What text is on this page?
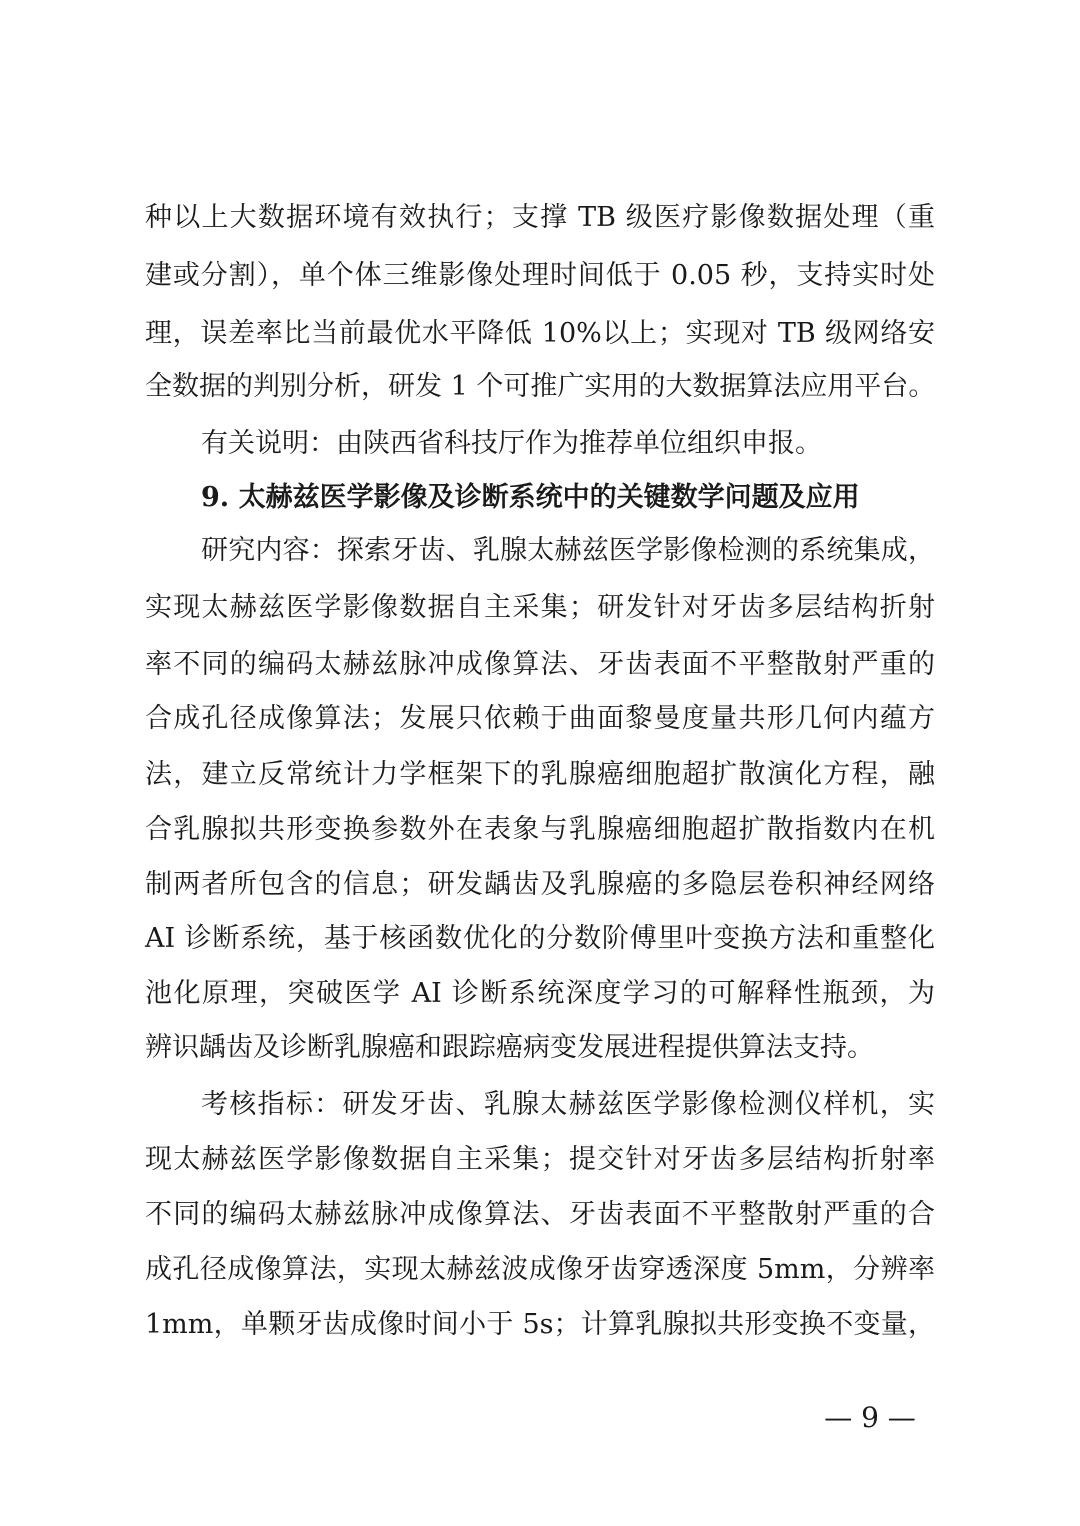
种以上大数据环境有效执行；支撑 TB 级医疗影像数据处理（重
建或分割），单个体三维影像处理时间低于 0.05 秒，支持实时处
理，误差率比当前最优水平降低 10%以上；实现对 TB 级网络安
全数据的判别分析，研发 1 个可推广实用的大数据算法应用平台。
有关说明：由陕西省科技厅作为推荐单位组织申报。
9. 太赫兹医学影像及诊断系统中的关键数学问题及应用
研究内容：探索牙齿、乳腺太赫兹医学影像检测的系统集成，
实现太赫兹医学影像数据自主采集；研发针对牙齿多层结构折射
率不同的编码太赫兹脉冲成像算法、牙齿表面不平整散射严重的
合成孔径成像算法；发展只依赖于曲面黎曼度量共形几何内蕴方
法，建立反常统计力学框架下的乳腺癌细胞超扩散演化方程，融
合乳腺拟共形变换参数外在表象与乳腺癌细胞超扩散指数内在机
制两者所包含的信息；研发龋齿及乳腺癌的多隐层卷积神经网络
AI 诊断系统，基于核函数优化的分数阶傅里叶变换方法和重整化
池化原理，突破医学 AI 诊断系统深度学习的可解释性瓶颈，为
辨识龋齿及诊断乳腺癌和跟踪癌病变发展进程提供算法支持。
考核指标：研发牙齿、乳腺太赫兹医学影像检测仪样机，实
现太赫兹医学影像数据自主采集；提交针对牙齿多层结构折射率
不同的编码太赫兹脉冲成像算法、牙齿表面不平整散射严重的合
成孔径成像算法，实现太赫兹波成像牙齿穿透深度 5mm，分辨率
1mm，单颗牙齿成像时间小于 5s；计算乳腺拟共形变换不变量，
— 9 —
